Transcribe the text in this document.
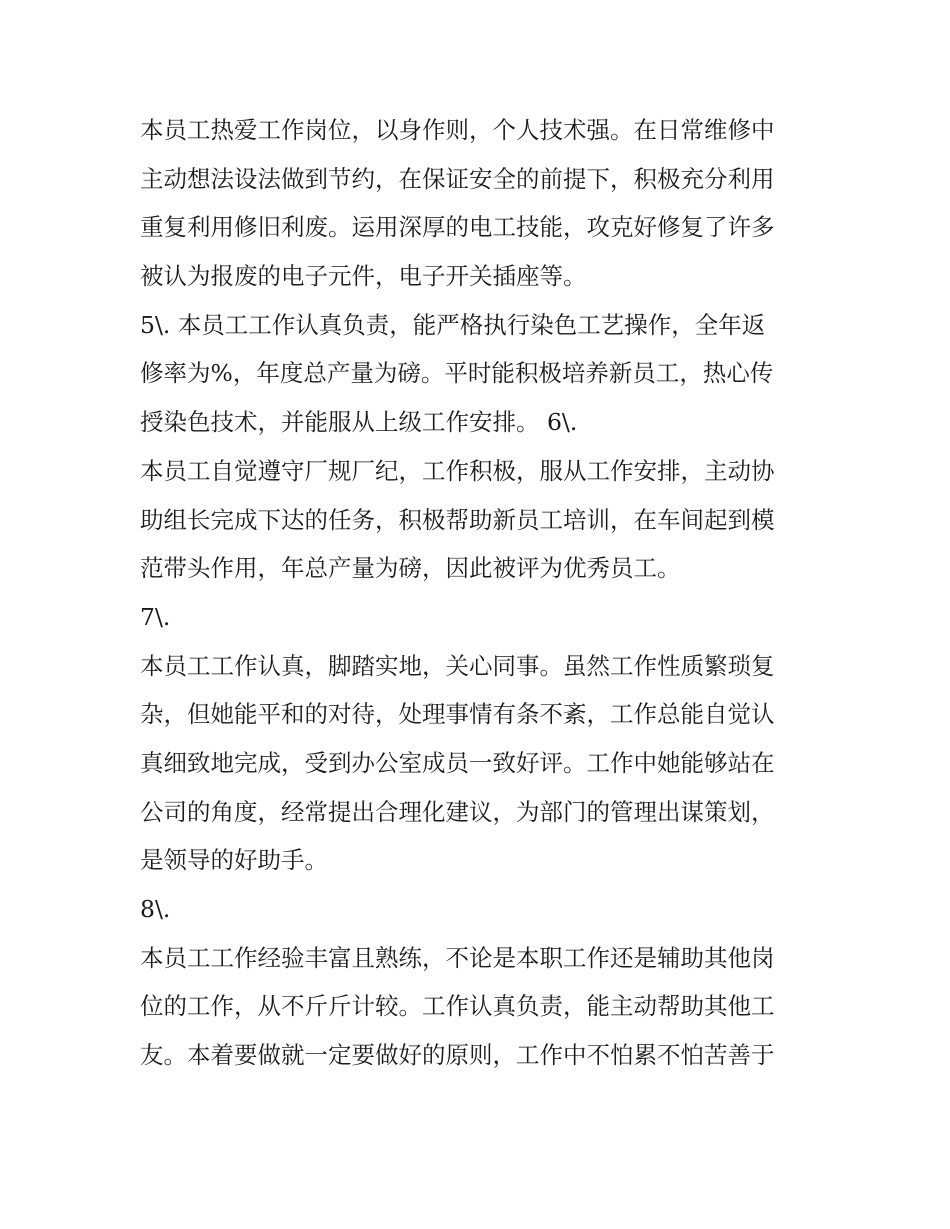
本员工热爱工作岗位，以身作则，个人技术强。在日常维修中
主动想法设法做到节约，在保证安全的前提下，积极充分利用
重复利用修旧利废。运用深厚的电工技能，攻克好修复了许多
被认为报废的电子元件，电子开关插座等。
5\. 本员工工作认真负责，能严格执行染色工艺操作，全年返
修率为%，年度总产量为磅。平时能积极培养新员工，热心传
授染色技术，并能服从上级工作安排。 6\.
本员工自觉遵守厂规厂纪，工作积极，服从工作安排，主动协
助组长完成下达的任务，积极帮助新员工培训，在车间起到模
范带头作用，年总产量为磅，因此被评为优秀员工。
7\.
本员工工作认真，脚踏实地，关心同事。虽然工作性质繁琐复
杂，但她能平和的对待，处理事情有条不紊，工作总能自觉认
真细致地完成，受到办公室成员一致好评。工作中她能够站在
公司的角度，经常提出合理化建议，为部门的管理出谋策划，
是领导的好助手。
8\.
本员工工作经验丰富且熟练，不论是本职工作还是辅助其他岗
位的工作，从不斤斤计较。工作认真负责，能主动帮助其他工
友。本着要做就一定要做好的原则，工作中不怕累不怕苦善于
